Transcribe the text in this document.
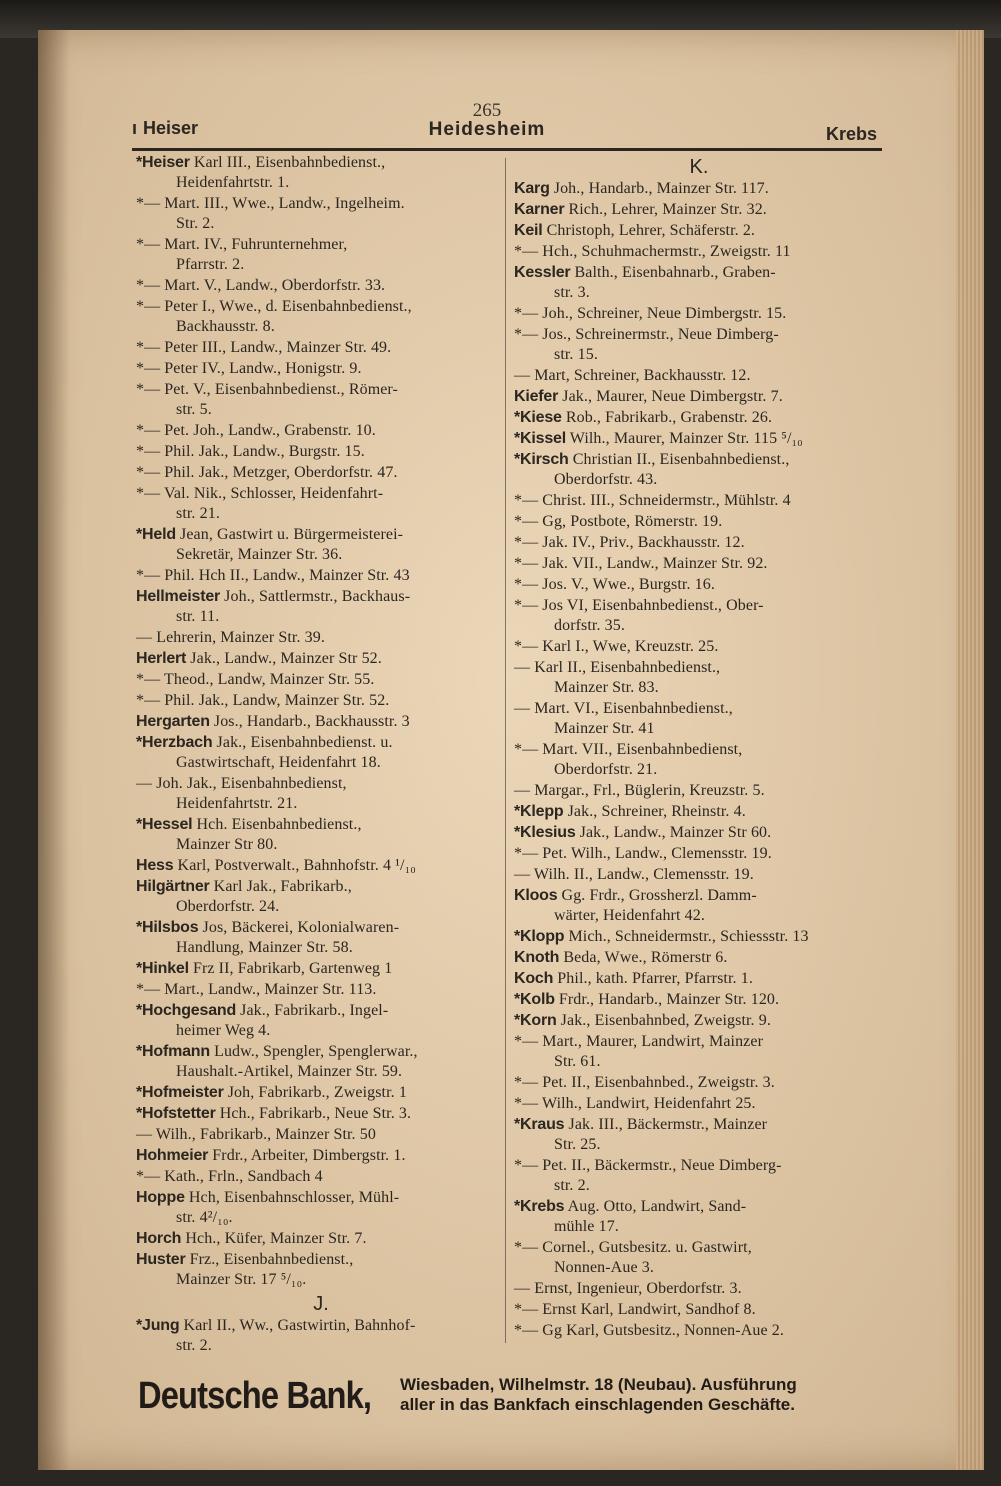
265
ı Heiser	Heidesheim	Krebs
*Heiser Karl III., Eisenbahnbedienst.,
Heidenfahrtstr. 1.
*— Mart. III., Wwe., Landw., Ingelheim.
Str. 2.
*— Mart. IV., Fuhrunternehmer,
Pfarrstr. 2.
*— Mart. V., Landw., Oberdorfstr. 33.
*— Peter I., Wwe., d. Eisenbahnbedienst.,
Backhausstr. 8.
*— Peter III., Landw., Mainzer Str. 49.
*— Peter IV., Landw., Honigstr. 9.
*— Pet. V., Eisenbahnbedienst., Römer-
str. 5.
*— Pet. Joh., Landw., Grabenstr. 10.
*— Phil. Jak., Landw., Burgstr. 15.
*— Phil. Jak., Metzger, Oberdorfstr. 47.
*— Val. Nik., Schlosser, Heidenfahrt-
str. 21.
*Held Jean, Gastwirt u. Bürgermeisterei-
Sekretär, Mainzer Str. 36.
*— Phil. Hch II., Landw., Mainzer Str. 43
Hellmeister Joh., Sattlermstr., Backhaus-
str. 11.
— Lehrerin, Mainzer Str. 39.
Herlert Jak., Landw., Mainzer Str 52.
*— Theod., Landw, Mainzer Str. 55.
*— Phil. Jak., Landw, Mainzer Str. 52.
Hergarten Jos., Handarb., Backhausstr. 3
*Herzbach Jak., Eisenbahnbedienst. u.
Gastwirtschaft, Heidenfahrt 18.
— Joh. Jak., Eisenbahnbedienst,
Heidenfahrtstr. 21.
*Hessel Hch. Eisenbahnbedienst.,
Mainzer Str 80.
Hess Karl, Postverwalt., Bahnhofstr. 4 ¹/₁₀
Hilgärtner Karl Jak., Fabrikarb.,
Oberdorfstr. 24.
*Hilsbos Jos, Bäckerei, Kolonialwaren-
Handlung, Mainzer Str. 58.
*Hinkel Frz II, Fabrikarb, Gartenweg 1
*— Mart., Landw., Mainzer Str. 113.
*Hochgesand Jak., Fabrikarb., Ingel-
heimer Weg 4.
*Hofmann Ludw., Spengler, Spenglerwar.,
Haushalt.-Artikel, Mainzer Str. 59.
*Hofmeister Joh, Fabrikarb., Zweigstr. 1
*Hofstetter Hch., Fabrikarb., Neue Str. 3.
— Wilh., Fabrikarb., Mainzer Str. 50
Hohmeier Frdr., Arbeiter, Dimbergstr. 1.
*— Kath., Frln., Sandbach 4
Hoppe Hch, Eisenbahnschlosser, Mühl-
str. 4²/₁₀.
Horch Hch., Küfer, Mainzer Str. 7.
Huster Frz., Eisenbahnbedienst.,
Mainzer Str. 17 ⁵/₁₀.
J.
*Jung Karl II., Ww., Gastwirtin, Bahnhof-
str. 2.
K.
Karg Joh., Handarb., Mainzer Str. 117.
Karner Rich., Lehrer, Mainzer Str. 32.
Keil Christoph, Lehrer, Schäferstr. 2.
*— Hch., Schuhmachermstr., Zweigstr. 11
Kessler Balth., Eisenbahnarb., Graben-
str. 3.
*— Joh., Schreiner, Neue Dimbergstr. 15.
*— Jos., Schreinermstr., Neue Dimberg-
str. 15.
— Mart, Schreiner, Backhausstr. 12.
Kiefer Jak., Maurer, Neue Dimbergstr. 7.
*Kiese Rob., Fabrikarb., Grabenstr. 26.
*Kissel Wilh., Maurer, Mainzer Str. 115 ⁵/₁₀
*Kirsch Christian II., Eisenbahnbedienst.,
Oberdorfstr. 43.
*— Christ. III., Schneidermstr., Mühlstr. 4
*— Gg, Postbote, Römerstr. 19.
*— Jak. IV., Priv., Backhausstr. 12.
*— Jak. VII., Landw., Mainzer Str. 92.
*— Jos. V., Wwe., Burgstr. 16.
*— Jos VI, Eisenbahnbedienst., Ober-
dorfstr. 35.
*— Karl I., Wwe, Kreuzstr. 25.
— Karl II., Eisenbahnbedienst.,
Mainzer Str. 83.
— Mart. VI., Eisenbahnbedienst.,
Mainzer Str. 41
*— Mart. VII., Eisenbahnbedienst,
Oberdorfstr. 21.
— Margar., Frl., Büglerin, Kreuzstr. 5.
*Klepp Jak., Schreiner, Rheinstr. 4.
*Klesius Jak., Landw., Mainzer Str 60.
*— Pet. Wilh., Landw., Clemensstr. 19.
— Wilh. II., Landw., Clemensstr. 19.
Kloos Gg. Frdr., Grossherzl. Damm-
wärter, Heidenfahrt 42.
*Klopp Mich., Schneidermstr., Schiessstr. 13
Knoth Beda, Wwe., Römerstr 6.
Koch Phil., kath. Pfarrer, Pfarrstr. 1.
*Kolb Frdr., Handarb., Mainzer Str. 120.
*Korn Jak., Eisenbahnbed, Zweigstr. 9.
*— Mart., Maurer, Landwirt, Mainzer
Str. 61.
*— Pet. II., Eisenbahnbed., Zweigstr. 3.
*— Wilh., Landwirt, Heidenfahrt 25.
*Kraus Jak. III., Bäckermstr., Mainzer
Str. 25.
*— Pet. II., Bäckermstr., Neue Dimberg-
str. 2.
*Krebs Aug. Otto, Landwirt, Sand-
mühle 17.
*— Cornel., Gutsbesitz. u. Gastwirt,
Nonnen-Aue 3.
— Ernst, Ingenieur, Oberdorfstr. 3.
*— Ernst Karl, Landwirt, Sandhof 8.
*— Gg Karl, Gutsbesitz., Nonnen-Aue 2.
Deutsche Bank, Wiesbaden, Wilhelmstr. 18 (Neubau). Ausführung
aller in das Bankfach einschlagenden Geschäfte.
